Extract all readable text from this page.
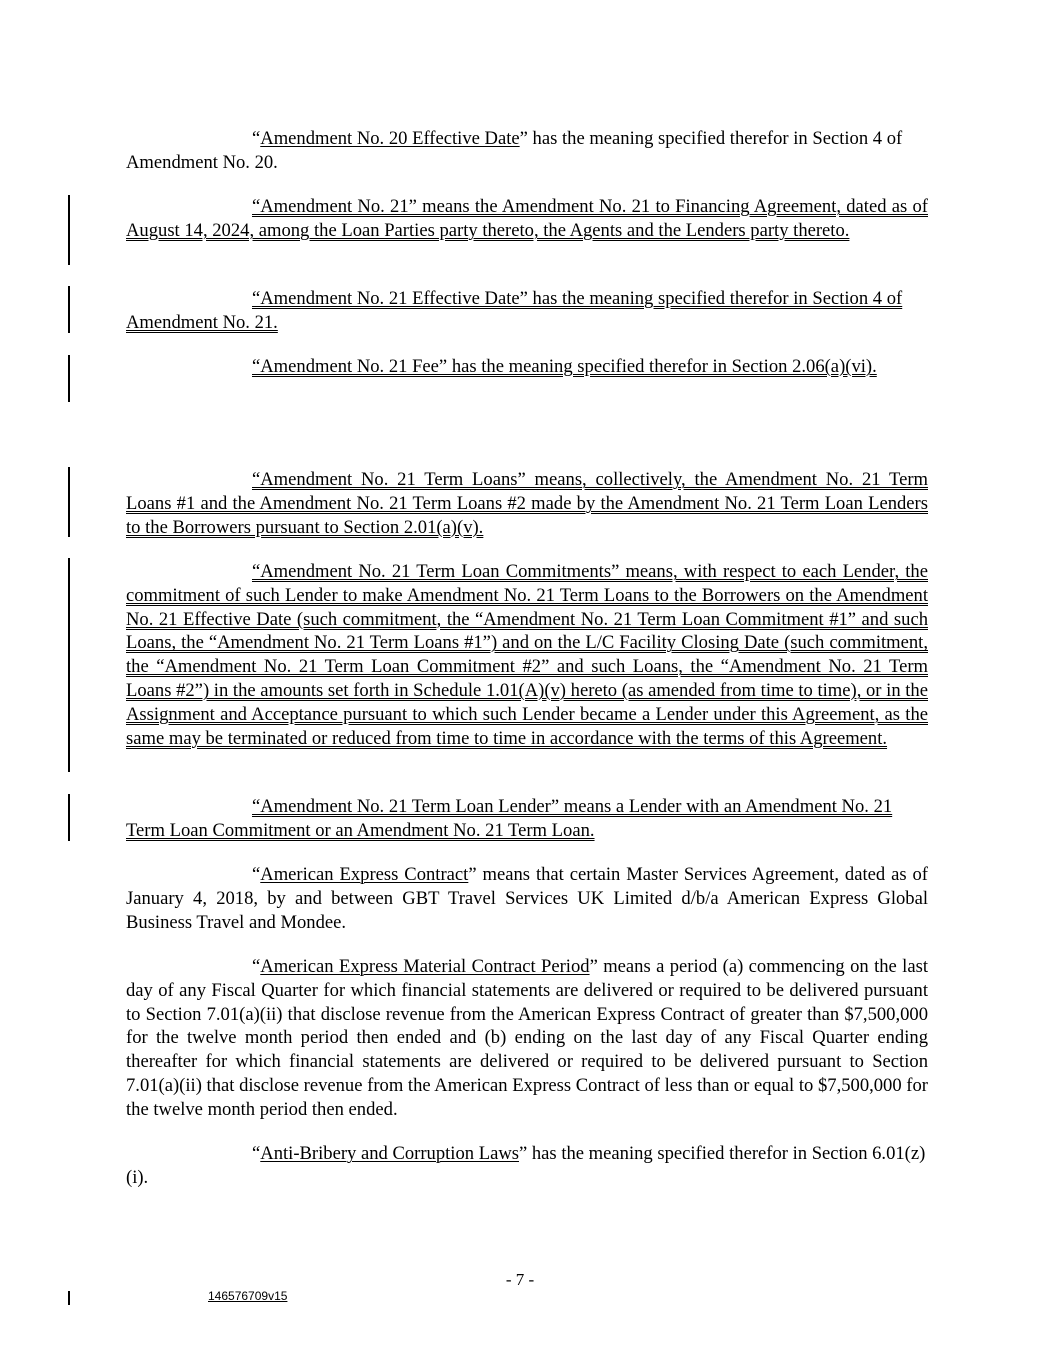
“Amendment No. 20 Effective Date” has the meaning specified therefor in Section 4 of Amendment No. 20.

“Amendment No. 21” means the Amendment No. 21 to Financing Agreement, dated as of August 14, 2024, among the Loan Parties party thereto, the Agents and the Lenders party thereto.

“Amendment No. 21 Effective Date” has the meaning specified therefor in Section 4 of Amendment No. 21.

“Amendment No. 21 Fee” has the meaning specified therefor in Section 2.06(a)(vi).

“Amendment No. 21 Term Loans” means, collectively, the Amendment No. 21 Term Loans #1 and the Amendment No. 21 Term Loans #2 made by the Amendment No. 21 Term Loan Lenders to the Borrowers pursuant to Section 2.01(a)(v).

“Amendment No. 21 Term Loan Commitments” means, with respect to each Lender, the commitment of such Lender to make Amendment No. 21 Term Loans to the Borrowers on the Amendment No. 21 Effective Date (such commitment, the “Amendment No. 21 Term Loan Commitment #1” and such Loans, the “Amendment No. 21 Term Loans #1”) and on the L/C Facility Closing Date (such commitment, the “Amendment No. 21 Term Loan Commitment #2” and such Loans, the “Amendment No. 21 Term Loans #2”) in the amounts set forth in Schedule 1.01(A)(v) hereto (as amended from time to time), or in the Assignment and Acceptance pursuant to which such Lender became a Lender under this Agreement, as the same may be terminated or reduced from time to time in accordance with the terms of this Agreement.

“Amendment No. 21 Term Loan Lender” means a Lender with an Amendment No. 21 Term Loan Commitment or an Amendment No. 21 Term Loan.

“American Express Contract” means that certain Master Services Agreement, dated as of January 4, 2018, by and between GBT Travel Services UK Limited d/b/a American Express Global Business Travel and Mondee.

“American Express Material Contract Period” means a period (a) commencing on the last day of any Fiscal Quarter for which financial statements are delivered or required to be delivered pursuant to Section 7.01(a)(ii) that disclose revenue from the American Express Contract of greater than $7,500,000 for the twelve month period then ended and (b) ending on the last day of any Fiscal Quarter ending thereafter for which financial statements are delivered or required to be delivered pursuant to Section 7.01(a)(ii) that disclose revenue from the American Express Contract of less than or equal to $7,500,000 for the twelve month period then ended.

“Anti-Bribery and Corruption Laws” has the meaning specified therefor in Section 6.01(z)(i).

- 7 -
146576709v15
